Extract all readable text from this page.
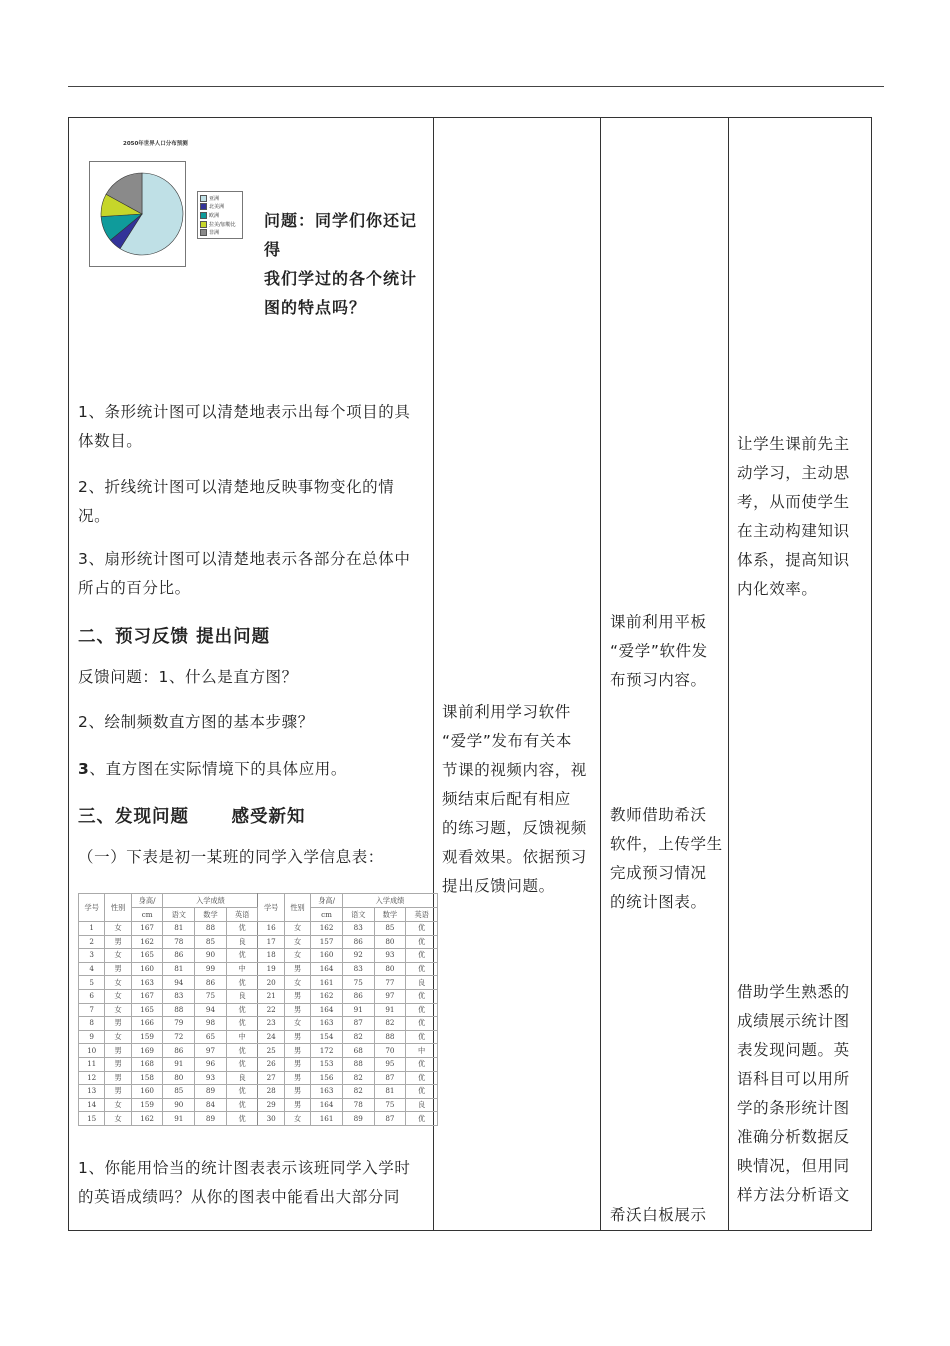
2050年世界人口分布预测
亚洲
北美洲
欧洲
拉美/加勒比
非洲
问题：同学们你还记得
我们学过的各个统计
图的特点吗？
1、条形统计图可以清楚地表示出每个项目的具
体数目。
2、折线统计图可以清楚地反映事物变化的情
况。
3、扇形统计图可以清楚地表示各部分在总体中
所占的百分比。
二、预习反馈 提出问题
反馈问题：1、什么是直方图？
2、绘制频数直方图的基本步骤？
3、直方图在实际情境下的具体应用。
三、发现问题      感受新知
（一）下表是初一某班的同学入学信息表：
学号	性别	身高/	入学成绩			学号	性别	身高/	入学成绩		
		cm	语文	数学	英语			cm	语文	数学	英语
1	女	167	81	88	优	16	女	162	83	85	优
2	男	162	78	85	良	17	女	157	86	80	优
3	女	165	86	90	优	18	女	160	92	93	优
4	男	160	81	99	中	19	男	164	83	80	优
5	女	163	94	86	优	20	女	161	75	77	良
6	女	167	83	75	良	21	男	162	86	97	优
7	女	165	88	94	优	22	男	164	91	91	优
8	男	166	79	98	优	23	女	163	87	82	优
9	女	159	72	65	中	24	男	154	82	88	优
10	男	169	86	97	优	25	男	172	68	70	中
11	男	168	91	96	优	26	男	153	88	95	优
12	男	158	80	93	良	27	男	156	82	87	优
13	男	160	85	89	优	28	男	163	82	81	优
14	女	159	90	84	优	29	男	164	78	75	良
15	女	162	91	89	优	30	女	161	89	87	优
1、你能用恰当的统计图表表示该班同学入学时
的英语成绩吗？从你的图表中能看出大部分同
课前利用学习软件
“爱学”发布有关本
节课的视频内容，视
频结束后配有相应
的练习题，反馈视频
观看效果。依据预习
提出反馈问题。
课前利用平板
“爱学”软件发
布预习内容。
教师借助希沃
软件，上传学生
完成预习情况
的统计图表。
希沃白板展示
让学生课前先主
动学习，主动思
考，从而使学生
在主动构建知识
体系，提高知识
内化效率。
借助学生熟悉的
成绩展示统计图
表发现问题。英
语科目可以用所
学的条形统计图
准确分析数据反
映情况，但用同
样方法分析语文
